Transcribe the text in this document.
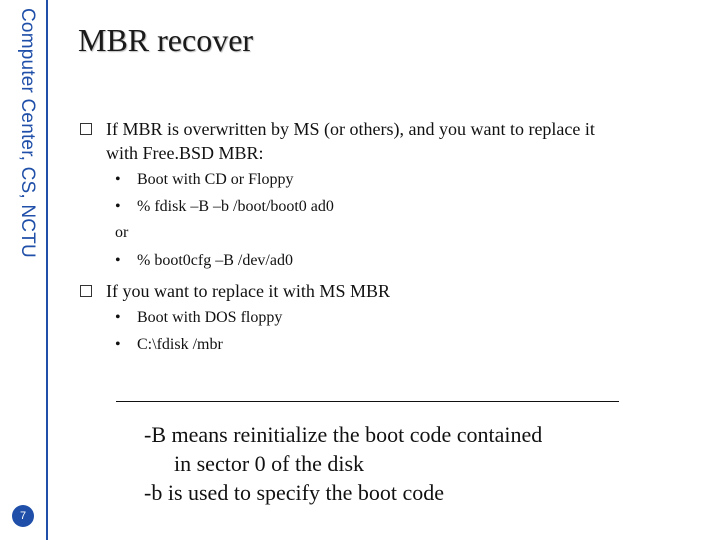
Computer Center, CS, NCTU
7
MBR recover
If MBR is overwritten by MS (or others), and you want to replace it
with Free.BSD MBR:
•	Boot with CD or Floppy
•	% fdisk –B –b /boot/boot0 ad0
or
•	% boot0cfg –B /dev/ad0
If you want to replace it with MS MBR
•	Boot with DOS floppy
•	C:\fdisk /mbr
-B means reinitialize the boot code contained
in sector 0 of the disk
-b is used to specify the boot code
